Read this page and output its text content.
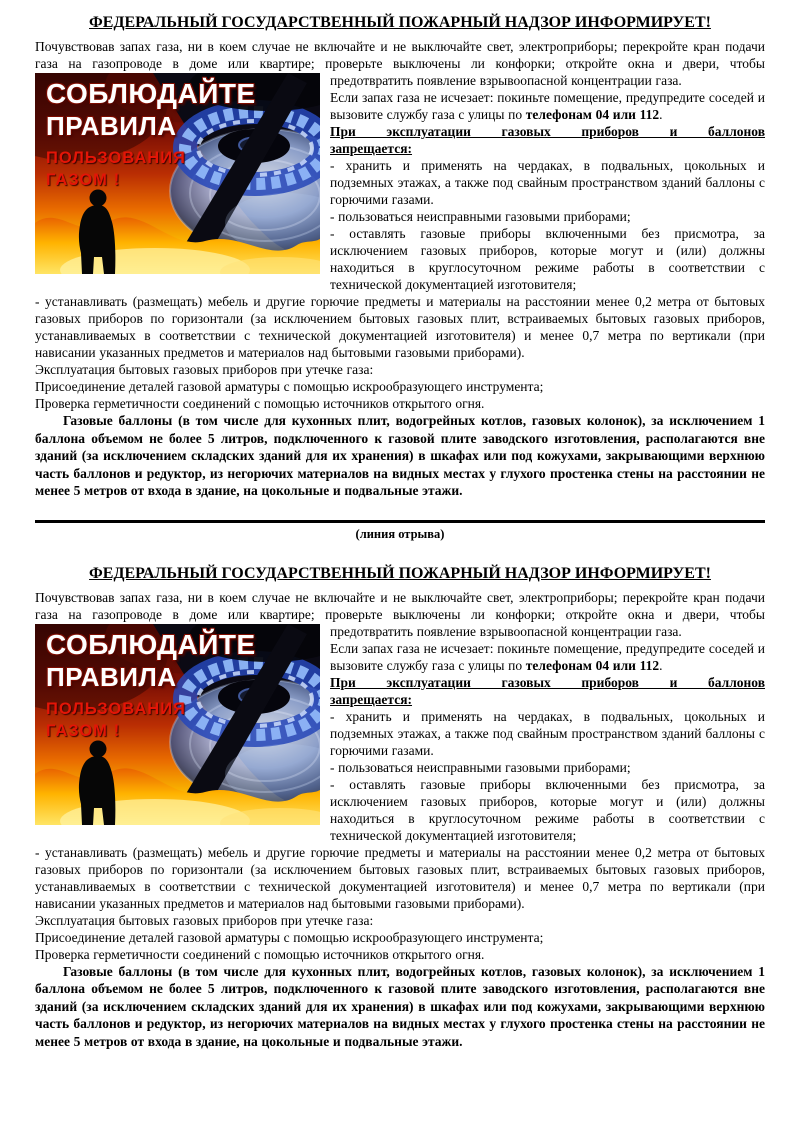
ФЕДЕРАЛЬНЫЙ ГОСУДАРСТВЕННЫЙ ПОЖАРНЫЙ НАДЗОР ИНФОРМИРУЕТ!

Почувствовав запах газа, ни в коем случае не включайте и не выключайте свет, электроприборы; перекройте кран подачи газа на газопроводе в доме или квартире; проверьте выключены ли конфорки; откройте окна и двери, чтобы

СОБЛЮДАЙТЕ
ПРАВИЛА
ПОЛЬЗОВАНИЯ
ГАЗОМ !

предотвратить появление взрывоопасной концентрации газа.

Если запах газа не исчезает: покиньте помещение, предупредите соседей и вызовите службу газа с улицы по телефонам 04 или 112.

При эксплуатации газовых приборов и баллонов

запрещается:

- хранить и применять на чердаках, в подвальных, цокольных и подземных этажах, а также под свайным пространством зданий баллоны с горючими газами.

- пользоваться неисправными газовыми приборами;

- оставлять газовые приборы включенными без присмотра, за исключением газовых приборов, которые могут и (или) должны находиться в круглосуточном режиме работы в соответствии с технической документацией изготовителя;

- устанавливать (размещать) мебель и другие горючие предметы и материалы на расстоянии менее 0,2 метра от бытовых газовых приборов по горизонтали (за исключением бытовых газовых плит, встраиваемых бытовых газовых приборов, устанавливаемых в соответствии с технической документацией изготовителя) и менее 0,7 метра по вертикали (при нависании указанных предметов и материалов над бытовыми газовыми приборами).

Эксплуатация бытовых газовых приборов при утечке газа:

Присоединение деталей газовой арматуры с помощью искрообразующего инструмента;

Проверка герметичности соединений с помощью источников открытого огня.

Газовые баллоны (в том числе для кухонных плит, водогрейных котлов, газовых колонок), за исключением 1 баллона объемом не более 5 литров, подключенного к газовой плите заводского изготовления, располагаются вне зданий (за исключением складских зданий для их хранения) в шкафах или под кожухами, закрывающими верхнюю часть баллонов и редуктор, из негорючих материалов на видных местах у глухого простенка стены на расстоянии не менее 5 метров от входа в здание, на цокольные и подвальные этажи.

(линия отрыва)
ФЕДЕРАЛЬНЫЙ ГОСУДАРСТВЕННЫЙ ПОЖАРНЫЙ НАДЗОР ИНФОРМИРУЕТ!

Почувствовав запах газа, ни в коем случае не включайте и не выключайте свет, электроприборы; перекройте кран подачи газа на газопроводе в доме или квартире; проверьте выключены ли конфорки; откройте окна и двери, чтобы

СОБЛЮДАЙТЕ
ПРАВИЛА
ПОЛЬЗОВАНИЯ
ГАЗОМ !

предотвратить появление взрывоопасной концентрации газа.

Если запах газа не исчезает: покиньте помещение, предупредите соседей и вызовите службу газа с улицы по телефонам 04 или 112.

При эксплуатации газовых приборов и баллонов

запрещается:

- хранить и применять на чердаках, в подвальных, цокольных и подземных этажах, а также под свайным пространством зданий баллоны с горючими газами.

- пользоваться неисправными газовыми приборами;

- оставлять газовые приборы включенными без присмотра, за исключением газовых приборов, которые могут и (или) должны находиться в круглосуточном режиме работы в соответствии с технической документацией изготовителя;

- устанавливать (размещать) мебель и другие горючие предметы и материалы на расстоянии менее 0,2 метра от бытовых газовых приборов по горизонтали (за исключением бытовых газовых плит, встраиваемых бытовых газовых приборов, устанавливаемых в соответствии с технической документацией изготовителя) и менее 0,7 метра по вертикали (при нависании указанных предметов и материалов над бытовыми газовыми приборами).

Эксплуатация бытовых газовых приборов при утечке газа:

Присоединение деталей газовой арматуры с помощью искрообразующего инструмента;

Проверка герметичности соединений с помощью источников открытого огня.

Газовые баллоны (в том числе для кухонных плит, водогрейных котлов, газовых колонок), за исключением 1 баллона объемом не более 5 литров, подключенного к газовой плите заводского изготовления, располагаются вне зданий (за исключением складских зданий для их хранения) в шкафах или под кожухами, закрывающими верхнюю часть баллонов и редуктор, из негорючих материалов на видных местах у глухого простенка стены на расстоянии не менее 5 метров от входа в здание, на цокольные и подвальные этажи.
